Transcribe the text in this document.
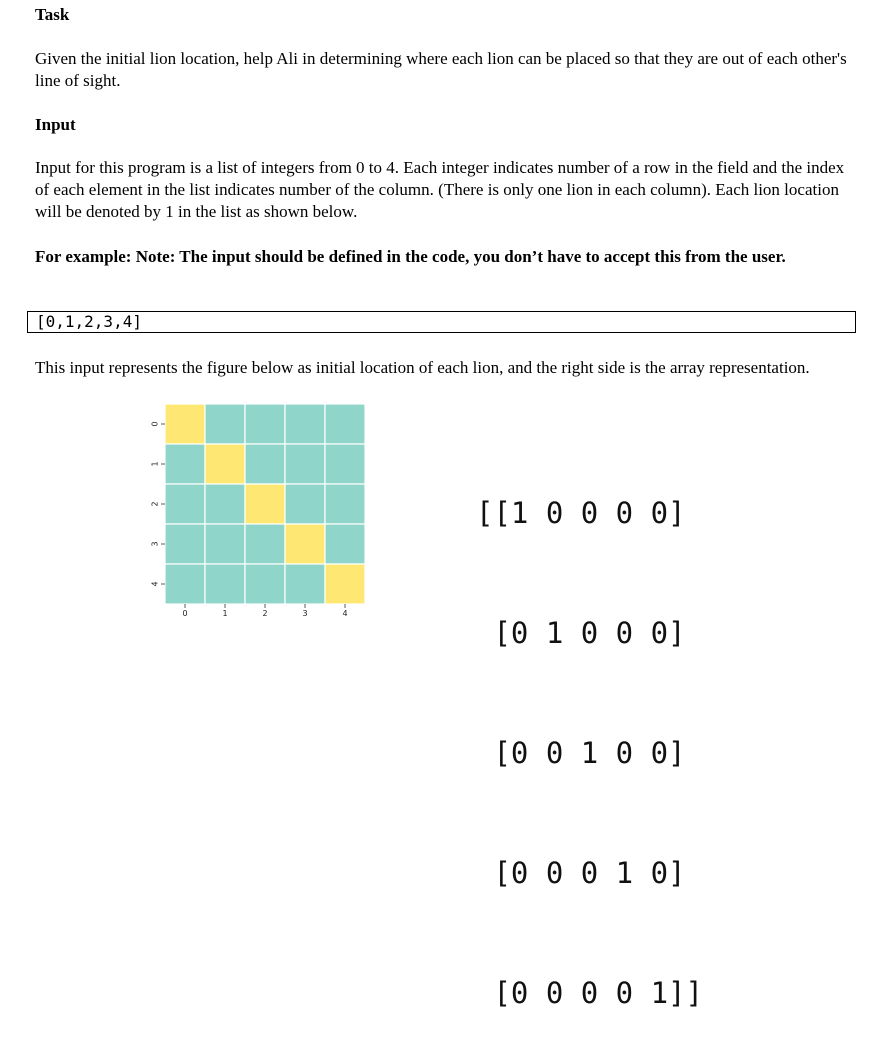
Task
Given the initial lion location, help Ali in determining where each lion can be placed so that they are out of each other's line of sight.
Input
Input for this program is a list of integers from 0 to 4. Each integer indicates number of a row in the field and the index of each element in the list indicates number of the column. (There is only one lion in each column). Each lion location will be denoted by 1 in the list as shown below.
For example: Note: The input should be defined in the code, you don’t have to accept this from the user.
[0,1,2,3,4]
This input represents the figure below as initial location of each lion, and the right side is the array representation.
0
1
2
3
4
0	1	2	3	4

[[1 0 0 0 0]

[0 1 0 0 0]

[0 0 1 0 0]

[0 0 0 1 0]

[0 0 0 0 1]]
